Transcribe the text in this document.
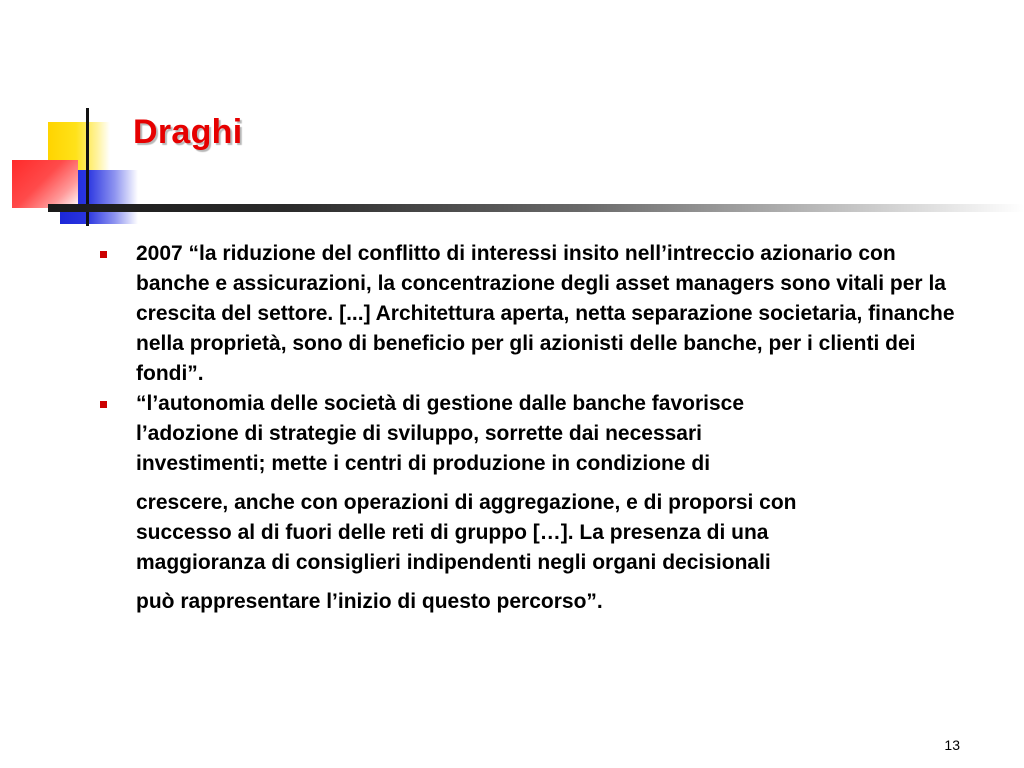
Draghi
2007 “la riduzione del conflitto di interessi insito nell’intreccio azionario con banche e assicurazioni, la concentrazione degli asset managers sono vitali per la crescita del settore. [...] Architettura aperta, netta separazione societaria, finanche nella proprietà, sono di beneficio per gli azionisti delle banche, per i clienti dei fondi”.
“l’autonomia delle società di gestione dalle banche favorisce
l’adozione di strategie di sviluppo, sorrette dai necessari
investimenti; mette i centri di produzione in condizione di
crescere, anche con operazioni di aggregazione, e di proporsi con
successo al di fuori delle reti di gruppo […]. La presenza di una
maggioranza di consiglieri indipendenti negli organi decisionali
può rappresentare l’inizio di questo percorso”.
13
